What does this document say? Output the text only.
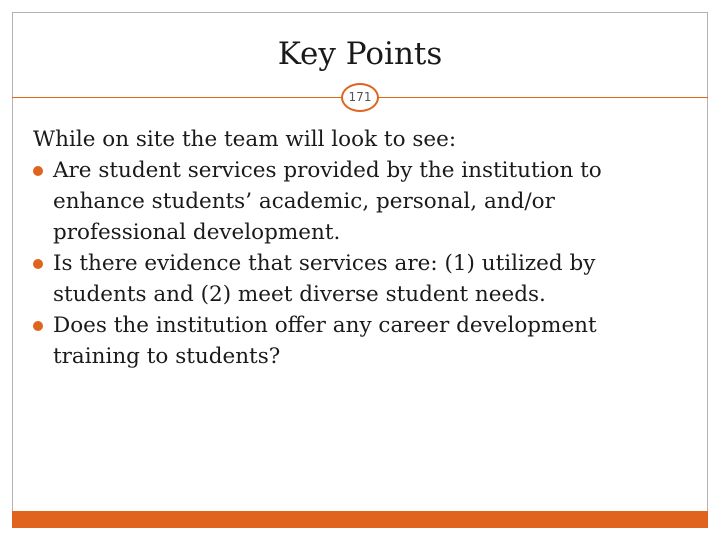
Key Points
171

While on site the team will look to see:

Are student services provided by the institution to enhance students’ academic, personal, and/or professional development.
Is there evidence that services are: (1) utilized by students and (2) meet diverse student needs.
Does the institution offer any career development training to students?
